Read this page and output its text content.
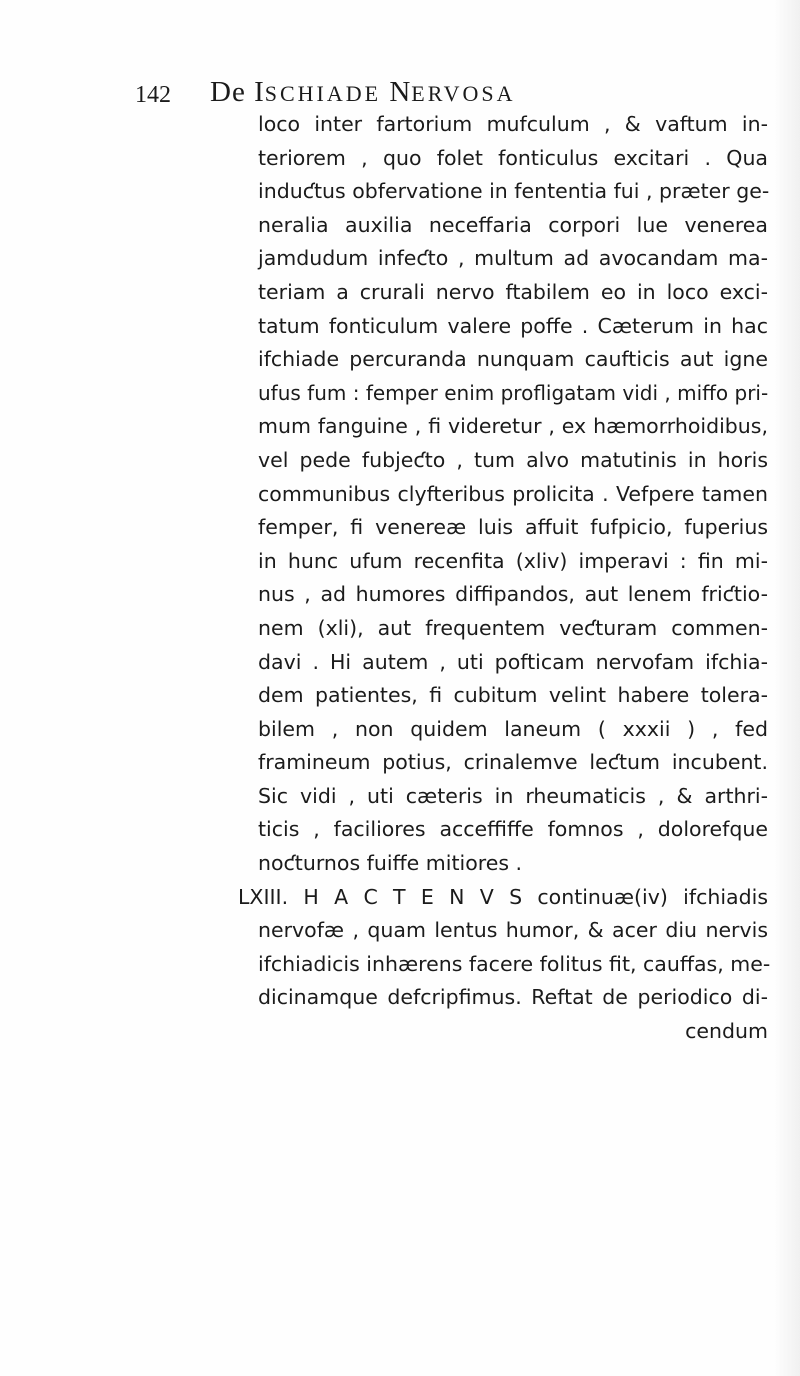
142 De ISCHIADE NERVOSA
loco inter fartorium mufculum , & vaftum in-
teriorem , quo folet fonticulus excitari . Qua
induƈtus obfervatione in fententia fui , præter ge-
neralia auxilia neceffaria corpori lue venerea
jamdudum infeƈto , multum ad avocandam ma-
teriam a crurali nervo ftabilem eo in loco exci-
tatum fonticulum valere poffe . Cæterum in hac
ifchiade percuranda nunquam caufticis aut igne
ufus fum : femper enim profligatam vidi , miffo pri-
mum fanguine , fi videretur , ex hæmorrhoidibus,
vel pede fubjeƈto , tum alvo matutinis in horis
communibus clyfteribus prolicita . Vefpere tamen
femper, fi venereæ luis affuit fufpicio, fuperius
in hunc ufum recenfita (xliv) imperavi : fin mi-
nus , ad humores diffipandos, aut lenem friƈtio-
nem (xli), aut frequentem veƈturam commen-
davi . Hi autem , uti pofticam nervofam ifchia-
dem patientes, fi cubitum velint habere tolera-
bilem , non quidem laneum ( xxxii ) , fed
framineum potius, crinalemve leƈtum incubent.
Sic vidi , uti cæteris in rheumaticis , & arthri-
ticis , faciliores acceffiffe fomnos , dolorefque
noƈturnos fuiffe mitiores .
LXIII. H A C T E N V S continuæ(iv) ifchiadis
nervofæ , quam lentus humor, & acer diu nervis
ifchiadicis inhærens facere folitus fit, cauffas, me-
dicinamque defcripfimus. Reftat de periodico di-
cendum
